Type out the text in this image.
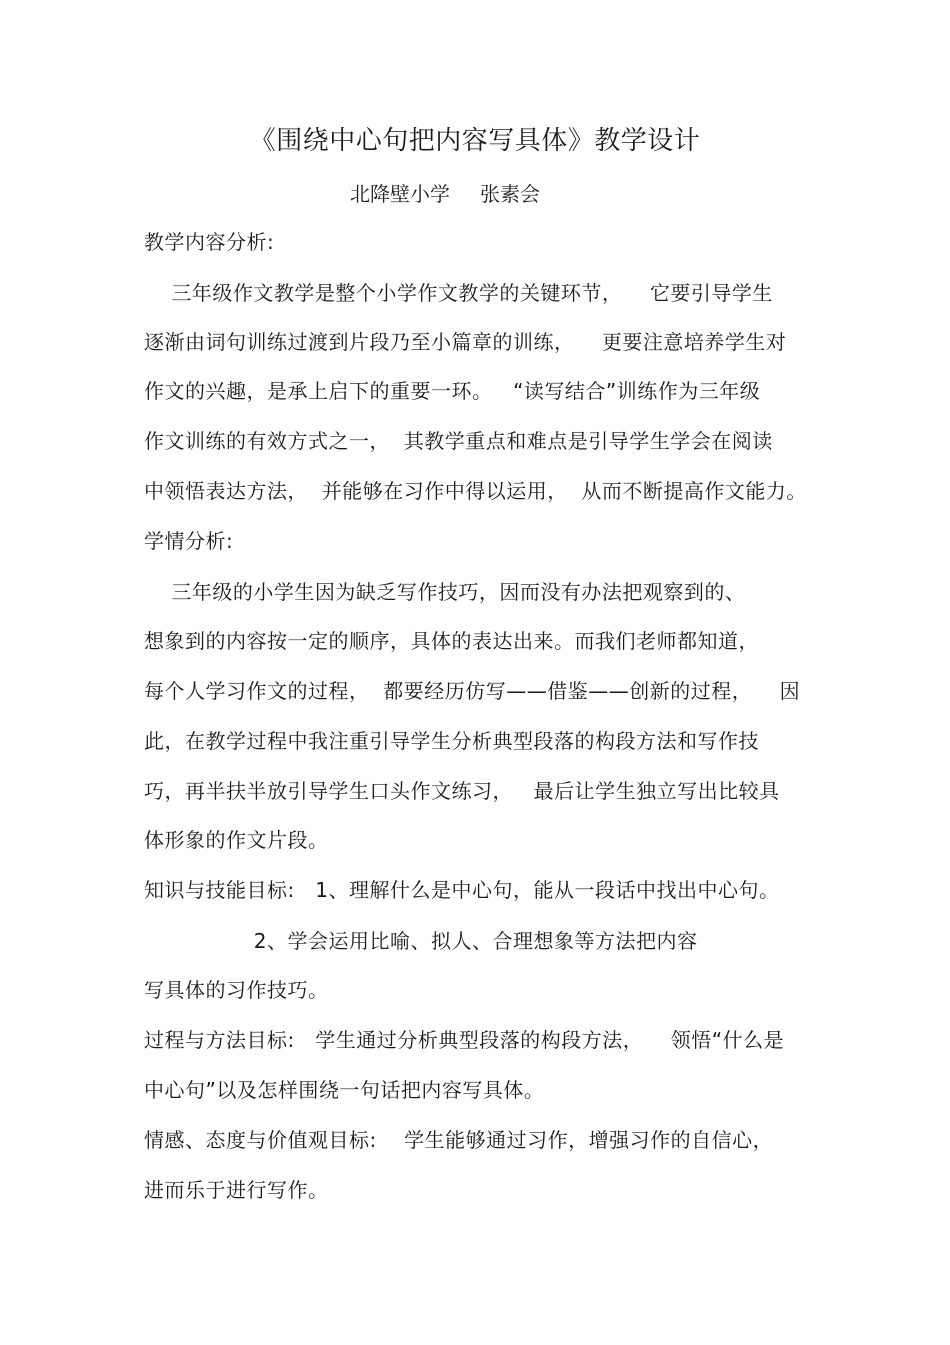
《围绕中心句把内容写具体》教学设计
北降壁小学 张素会
教学内容分析:
三年级作文教学是整个小学作文教学的关键环节，    它要引导学生
逐渐由词句训练过渡到片段乃至小篇章的训练，    更要注意培养学生对
作文的兴趣，是承上启下的重要一环。   “读写结合”训练作为三年级
作文训练的有效方式之一，  其教学重点和难点是引导学生学会在阅读
中领悟表达方法，  并能够在习作中得以运用，  从而不断提高作文能力。
学情分析:
三年级的小学生因为缺乏写作技巧，因而没有办法把观察到的、
想象到的内容按一定的顺序，具体的表达出来。而我们老师都知道，
每个人学习作文的过程，  都要经历仿写——借鉴——创新的过程，    因
此，在教学过程中我注重引导学生分析典型段落的构段方法和写作技
巧，再半扶半放引导学生口头作文练习，   最后让学生独立写出比较具
体形象的作文片段。
知识与技能目标:   1、理解什么是中心句，能从一段话中找出中心句。
2、学会运用比喻、拟人、合理想象等方法把内容
写具体的习作技巧。
过程与方法目标:   学生通过分析典型段落的构段方法，    领悟“什么是
中心句”以及怎样围绕一句话把内容写具体。
情感、态度与价值观目标:    学生能够通过习作，增强习作的自信心，
进而乐于进行写作。
